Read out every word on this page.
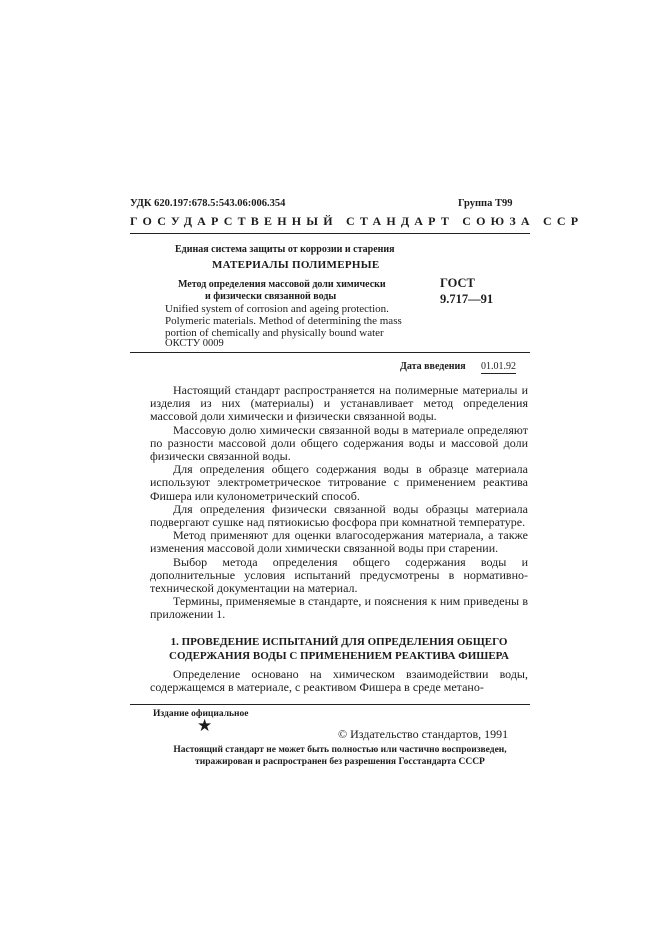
УДК 620.197:678.5:543.06:006.354	Группа Т99
ГОСУДАРСТВЕННЫЙ СТАНДАРТ СОЮЗА ССР
Единая система защиты от коррозии и старения
МАТЕРИАЛЫ ПОЛИМЕРНЫЕ
Метод определения массовой доли химически
и физически связанной воды
ГОСТ
9.717—91
Unified system of corrosion and ageing protection.
Polymeric materials. Method of determining the mass
portion of chemically and physically bound water
ОКСТУ 0009
Дата введения 01.01.92

Настоящий стандарт распространяется на полимерные материалы и изделия из них (материалы) и устанавливает метод определения массовой доли химически и физически связанной воды.

Массовую долю химически связанной воды в материале определяют по разности массовой доли общего содержания воды и массовой доли физически связанной воды.

Для определения общего содержания воды в образце материала используют электрометрическое титрование с применением реактива Фишера или кулонометрический способ.

Для определения физически связанной воды образцы материала подвергают сушке над пятиокисью фосфора при комнатной температуре.

Метод применяют для оценки влагосодержания материала, а также изменения массовой доли химически связанной воды при старении.

Выбор метода определения общего содержания воды и дополнительные условия испытаний предусмотрены в нормативно-технической документации на материал.

Термины, применяемые в стандарте, и пояснения к ним приведены в приложении 1.

1. ПРОВЕДЕНИЕ ИСПЫТАНИЙ ДЛЯ ОПРЕДЕЛЕНИЯ ОБЩЕГО СОДЕРЖАНИЯ ВОДЫ С ПРИМЕНЕНИЕМ РЕАКТИВА ФИШЕРА

Определение основано на химическом взаимодействии воды, содержащемся в материале, с реактивом Фишера в среде метано-

Издание официальное
★	© Издательство стандартов, 1991
Настоящий стандарт не может быть полностью или частично воспроизведен, тиражирован и распространен без разрешения Госстандарта СССР
